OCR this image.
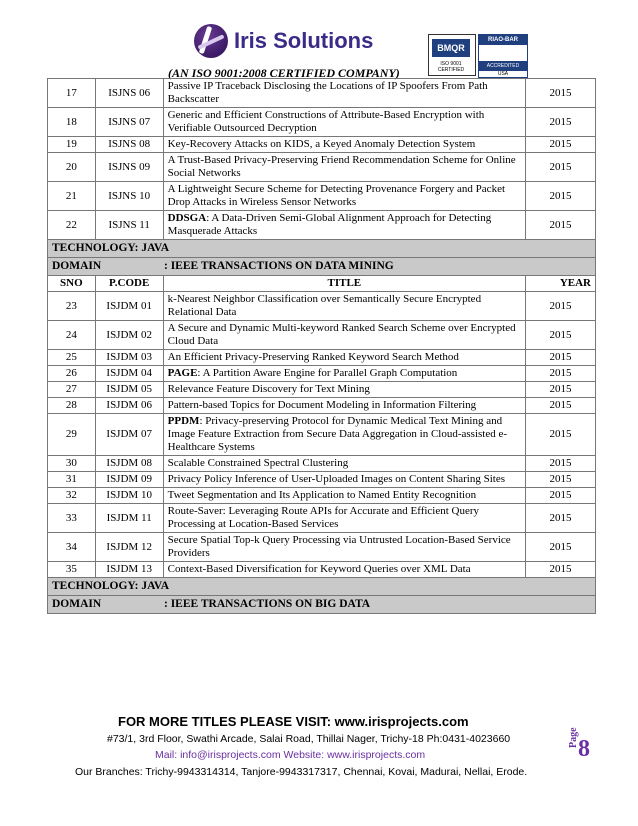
Iris Solutions
(AN ISO 9001:2008 CERTIFIED COMPANY)
BMQR
ISO 9001 CERTIFIED
RIAO-BAR
ACCREDITED
USA
17	ISJNS 06	Passive IP Traceback Disclosing the Locations of IP Spoofers From Path Backscatter	2015
18	ISJNS 07	Generic and Efficient Constructions of Attribute-Based Encryption with Verifiable Outsourced Decryption	2015
19	ISJNS 08	Key-Recovery Attacks on KIDS, a Keyed Anomaly Detection System	2015
20	ISJNS 09	A Trust-Based Privacy-Preserving Friend Recommendation Scheme for Online Social Networks	2015
21	ISJNS 10	A Lightweight Secure Scheme for Detecting Provenance Forgery and Packet Drop Attacks in Wireless Sensor Networks	2015
22	ISJNS 11	DDSGA: A Data-Driven Semi-Global Alignment Approach for Detecting Masquerade Attacks	2015
TECHNOLOGY: JAVA			
DOMAIN : IEEE TRANSACTIONS ON DATA MINING			
SNO	P.CODE	TITLE	YEAR
23	ISJDM 01	k-Nearest Neighbor Classification over Semantically Secure Encrypted Relational Data	2015
24	ISJDM 02	A Secure and Dynamic Multi-keyword Ranked Search Scheme over Encrypted Cloud Data	2015
25	ISJDM 03	An Efficient Privacy-Preserving Ranked Keyword Search Method	2015
26	ISJDM 04	PAGE: A Partition Aware Engine for Parallel Graph Computation	2015
27	ISJDM 05	Relevance Feature Discovery for Text Mining	2015
28	ISJDM 06	Pattern-based Topics for Document Modeling in Information Filtering	2015
29	ISJDM 07	PPDM: Privacy-preserving Protocol for Dynamic Medical Text Mining and Image Feature Extraction from Secure Data Aggregation in Cloud-assisted e-Healthcare Systems	2015
30	ISJDM 08	Scalable Constrained Spectral Clustering	2015
31	ISJDM 09	Privacy Policy Inference of User-Uploaded Images on Content Sharing Sites	2015
32	ISJDM 10	Tweet Segmentation and Its Application to Named Entity Recognition	2015
33	ISJDM 11	Route-Saver: Leveraging Route APIs for Accurate and Efficient Query Processing at Location-Based Services	2015
34	ISJDM 12	Secure Spatial Top-k Query Processing via Untrusted Location-Based Service Providers	2015
35	ISJDM 13	Context-Based Diversification for Keyword Queries over XML Data	2015
TECHNOLOGY: JAVA			
DOMAIN : IEEE TRANSACTIONS ON BIG DATA			
FOR MORE TITLES PLEASE VISIT: www.irisprojects.com
#73/1, 3rd Floor, Swathi Arcade, Salai Road, Thillai Nager, Trichy-18 Ph:0431-4023660
Mail: info@irisprojects.com Website: www.irisprojects.com
Our Branches: Trichy-9943314314, Tanjore-9943317317, Chennai, Kovai, Madurai, Nellai, Erode.
Page 8
